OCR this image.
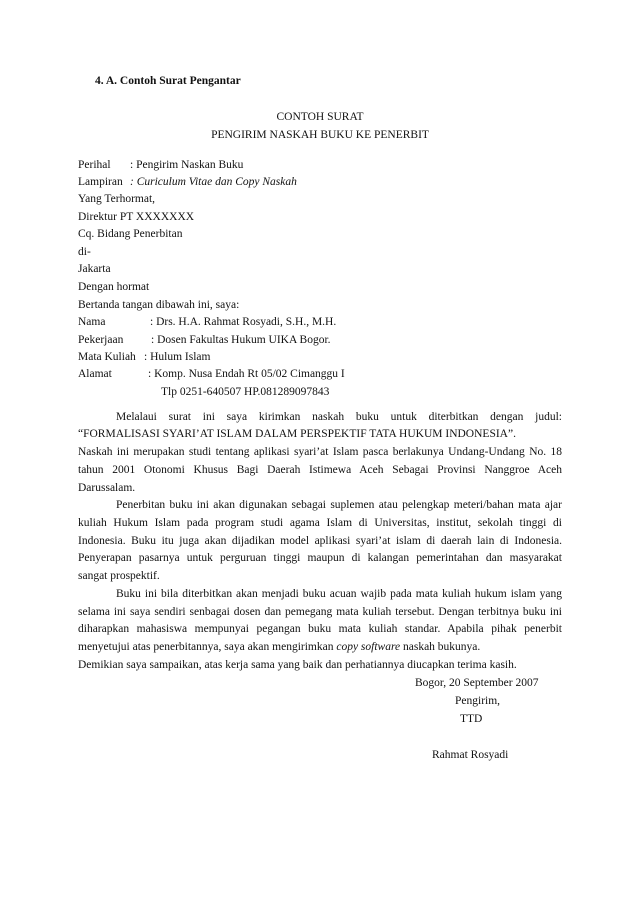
4. A. Contoh Surat Pengantar
CONTOH SURAT
PENGIRIM NASKAH BUKU KE PENERBIT
Perihal : Pengirim Naskan Buku
Lampiran : Curiculum Vitae dan Copy Naskah
Yang Terhormat,
Direktur PT XXXXXXX
Cq. Bidang Penerbitan
di-
Jakarta
Dengan hormat
Bertanda tangan dibawah ini, saya:
Nama	: Drs. H.A. Rahmat Rosyadi, S.H., M.H.
Pekerjaan : Dosen Fakultas Hukum UIKA Bogor.
Mata Kuliah : Hulum Islam
Alamat	: Komp. Nusa Endah Rt 05/02 Cimanggu I
Tlp 0251-640507 HP.081289097843
Melalaui surat ini saya kirimkan naskah buku untuk diterbitkan dengan judul:
“FORMALISASI SYARI’AT ISLAM DALAM PERSPEKTIF TATA HUKUM INDONESIA”.
Naskah ini merupakan studi tentang aplikasi syari’at Islam pasca berlakunya Undang-Undang No. 18
tahun 2001 Otonomi Khusus Bagi Daerah Istimewa Aceh Sebagai Provinsi Nanggroe Aceh
Darussalam.
Penerbitan buku ini akan digunakan sebagai suplemen atau pelengkap meteri/bahan mata ajar
kuliah Hukum Islam pada program studi agama Islam di Universitas, institut, sekolah tinggi di
Indonesia. Buku itu juga akan dijadikan model aplikasi syari’at islam di daerah lain di Indonesia.
Penyerapan pasarnya untuk perguruan tinggi maupun di kalangan pemerintahan dan masyarakat
sangat prospektif.
Buku ini bila diterbitkan akan menjadi buku acuan wajib pada mata kuliah hukum islam yang
selama ini saya sendiri senbagai dosen dan pemegang mata kuliah tersebut. Dengan terbitnya buku ini
diharapkan mahasiswa mempunyai pegangan buku mata kuliah standar. Apabila pihak penerbit
menyetujui atas penerbitannya, saya akan mengirimkan copy software naskah bukunya.
Demikian saya sampaikan, atas kerja sama yang baik dan perhatiannya diucapkan terima kasih.
Bogor, 20 September 2007
Pengirim,
TTD
Rahmat Rosyadi
